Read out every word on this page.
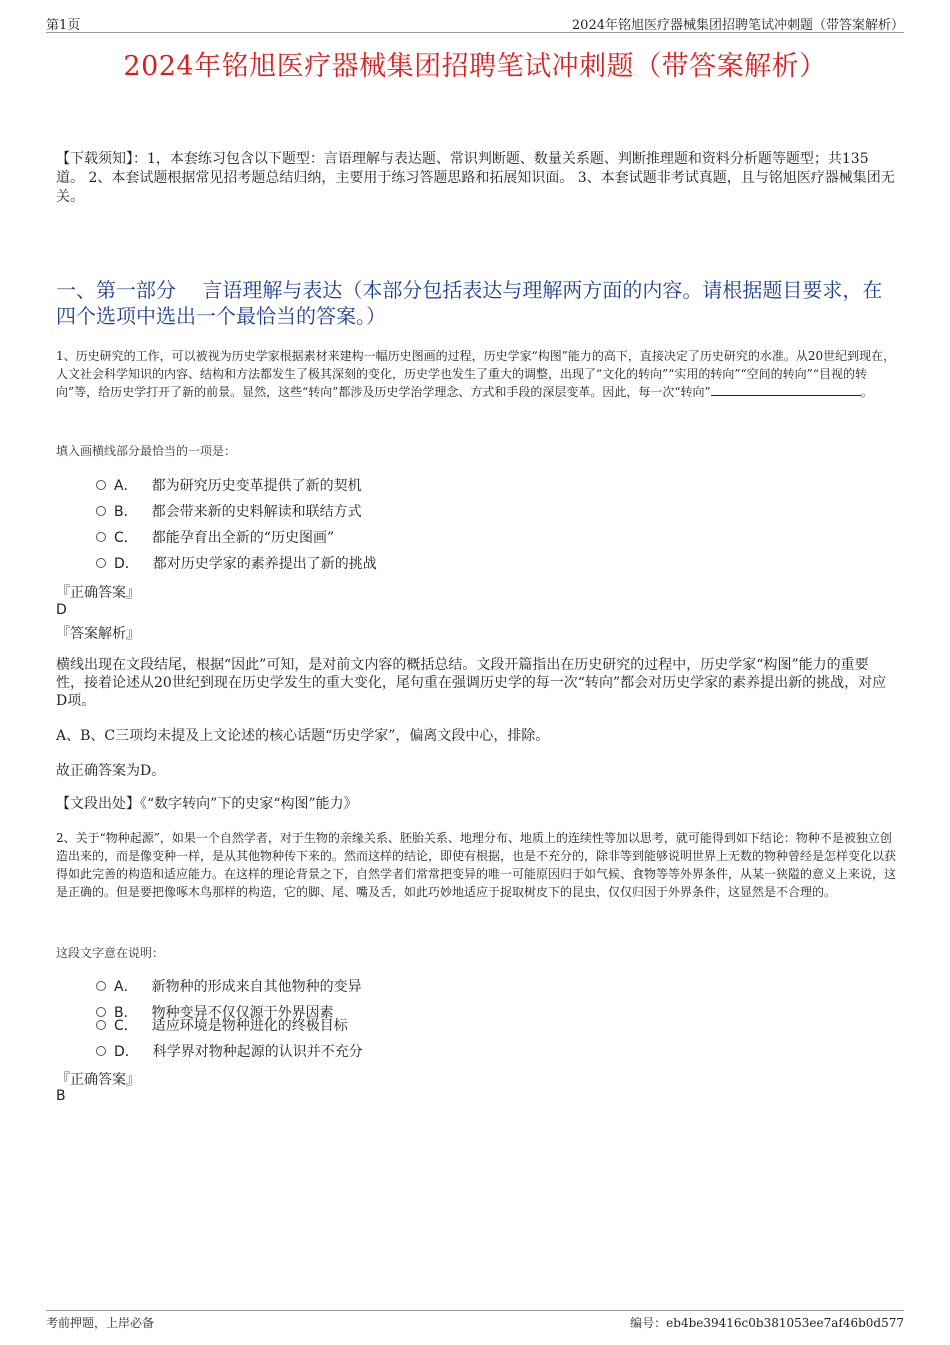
第1页	2024年铭旭医疗器械集团招聘笔试冲刺题（带答案解析）
2024年铭旭医疗器械集团招聘笔试冲刺题（带答案解析）
【下载须知】：1，本套练习包含以下题型：言语理解与表达题、常识判断题、数量关系题、判断推理题和资料分析题等题型；共135道。 2、本套试题根据常见招考题总结归纳，主要用于练习答题思路和拓展知识面。 3、本套试题非考试真题，且与铭旭医疗器械集团无关。
一、第一部分　 言语理解与表达（本部分包括表达与理解两方面的内容。请根据题目要求，在四个选项中选出一个最恰当的答案。）
1、历史研究的工作，可以被视为历史学家根据素材来建构一幅历史图画的过程，历史学家“构图”能力的高下，直接决定了历史研究的水准。从20世纪到现在，人文社会科学知识的内容、结构和方法都发生了极其深刻的变化，历史学也发生了重大的调整，出现了“文化的转向”“实用的转向”“空间的转向”“目视的转向”等，给历史学打开了新的前景。显然，这些“转向”都涉及历史学治学理念、方式和手段的深层变革。因此，每一次“转向”	。
填入画横线部分最恰当的一项是：
A． 都为研究历史变革提供了新的契机
B． 都会带来新的史料解读和联结方式
C． 都能孕育出全新的“历史图画”
D． 都对历史学家的素养提出了新的挑战
『正确答案』
D
『答案解析』
横线出现在文段结尾，根据“因此”可知，是对前文内容的概括总结。文段开篇指出在历史研究的过程中，历史学家“构图”能力的重要性，接着论述从20世纪到现在历史学发生的重大变化，尾句重在强调历史学的每一次“转向”都会对历史学家的素养提出新的挑战，对应D项。
A、B、C三项均未提及上文论述的核心话题“历史学家”，偏离文段中心，排除。
故正确答案为D。
【文段出处】《“数字转向”下的史家“构图”能力》
2、关于“物种起源”，如果一个自然学者，对于生物的亲缘关系、胚胎关系、地理分布、地质上的连续性等加以思考，就可能得到如下结论：物种不是被独立创造出来的，而是像变种一样，是从其他物种传下来的。然而这样的结论，即使有根据，也是不充分的，除非等到能够说明世界上无数的物种曾经是怎样变化以获得如此完善的构造和适应能力。在这样的理论背景之下，自然学者们常常把变异的唯一可能原因归于如气候、食物等等外界条件，从某一狭隘的意义上来说，这是正确的。但是要把像啄木鸟那样的构造，它的脚、尾、嘴及舌，如此巧妙地适应于捉取树皮下的昆虫，仅仅归因于外界条件，这显然是不合理的。
这段文字意在说明：
A． 新物种的形成来自其他物种的变异
B． 物种变异不仅仅源于外界因素
C． 适应环境是物种进化的终极目标
D． 科学界对物种起源的认识并不充分
『正确答案』
B
考前押题，上岸必备	编号：eb4be39416c0b381053ee7af46b0d577
